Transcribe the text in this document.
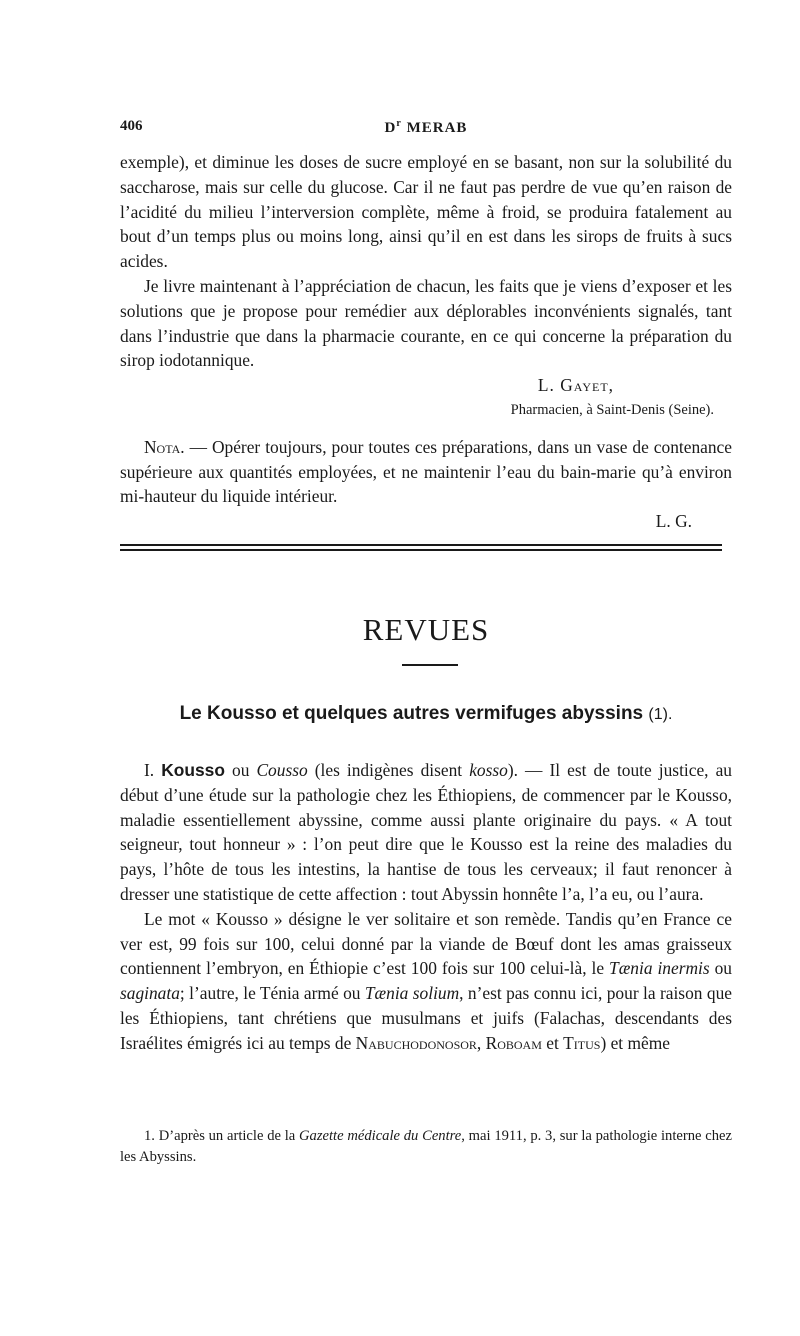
406	$D^r$ MERAB

exemple), et diminue les doses de sucre employé en se basant, non sur la solubilité du saccharose, mais sur celle du glucose. Car il ne faut pas perdre de vue qu’en raison de l’acidité du milieu l’interversion complète, même à froid, se produira fatalement au bout d’un temps plus ou moins long, ainsi qu’il en est dans les sirops de fruits à sucs acides.

Je livre maintenant à l’appréciation de chacun, les faits que je viens d’exposer et les solutions que je propose pour remédier aux déplorables inconvénients signalés, tant dans l’industrie que dans la pharmacie courante, en ce qui concerne la préparation du sirop iodotannique.

L. Gayet,
Pharmacien, à Saint-Denis (Seine).

Nota. — Opérer toujours, pour toutes ces préparations, dans un vase de contenance supérieure aux quantités employées, et ne maintenir l’eau du bain-marie qu’à environ mi-hauteur du liquide intérieur.

L. G.
REVUES
Le Kousso et quelques autres vermifuges abyssins (1).

I. Kousso ou Cousso (les indigènes disent kosso). — Il est de toute justice, au début d’une étude sur la pathologie chez les Éthiopiens, de commencer par le Kousso, maladie essentiellement abyssine, comme aussi plante originaire du pays. « A tout seigneur, tout honneur » : l’on peut dire que le Kousso est la reine des maladies du pays, l’hôte de tous les intestins, la hantise de tous les cerveaux; il faut renoncer à dresser une statistique de cette affection : tout Abyssin honnête l’a, l’a eu, ou l’aura.

Le mot « Kousso » désigne le ver solitaire et son remède. Tandis qu’en France ce ver est, 99 fois sur 100, celui donné par la viande de Bœuf dont les amas graisseux contiennent l’embryon, en Éthiopie c’est 100 fois sur 100 celui-là, le Tænia inermis ou saginata; l’autre, le Ténia armé ou Tænia solium, n’est pas connu ici, pour la raison que les Éthiopiens, tant chrétiens que musulmans et juifs (Falachas, descendants des Israélites émigrés ici au temps de Nabuchodonosor, Roboam et Titus) et même

1. D’après un article de la Gazette médicale du Centre, mai 1911, p. 3, sur la pathologie interne chez les Abyssins.
